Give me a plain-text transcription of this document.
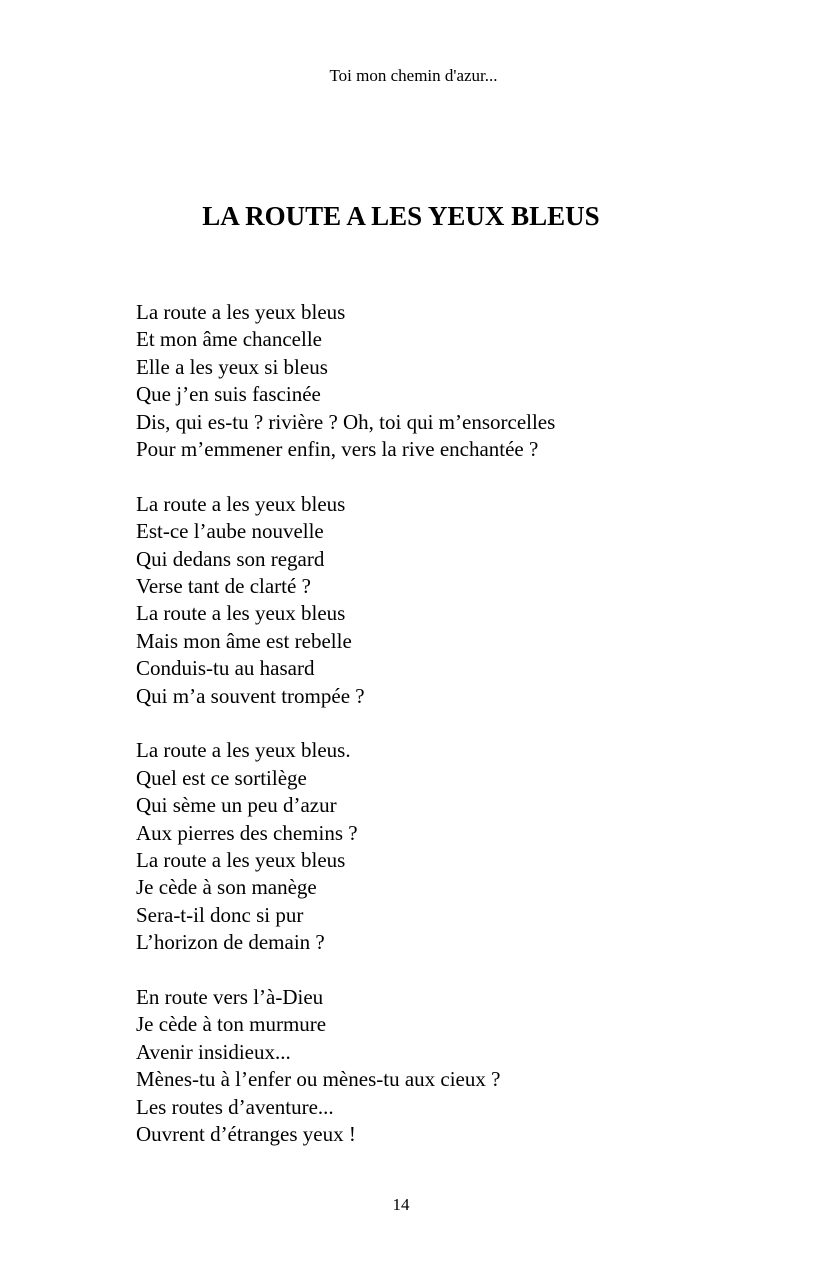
Toi mon chemin d'azur...
LA ROUTE A LES YEUX BLEUS
La route a les yeux bleus
Et mon âme chancelle
Elle a les yeux si bleus
Que j’en suis fascinée
Dis, qui es-tu ? rivière ? Oh, toi qui m’ensorcelles
Pour m’emmener enfin, vers la rive enchantée ?
La route a les yeux bleus
Est-ce l’aube nouvelle
Qui dedans son regard
Verse tant de clarté ?
La route a les yeux bleus
Mais mon âme est rebelle
Conduis-tu au hasard
Qui m’a souvent trompée ?
La route a les yeux bleus.
Quel est ce sortilège
Qui sème un peu d’azur
Aux pierres des chemins ?
La route a les yeux bleus
Je cède à son manège
Sera-t-il donc si pur
L’horizon de demain ?
En route vers l’à-Dieu
Je cède à ton murmure
Avenir insidieux...
Mènes-tu à l’enfer ou mènes-tu aux cieux ?
Les routes d’aventure...
Ouvrent d’étranges yeux !
14
